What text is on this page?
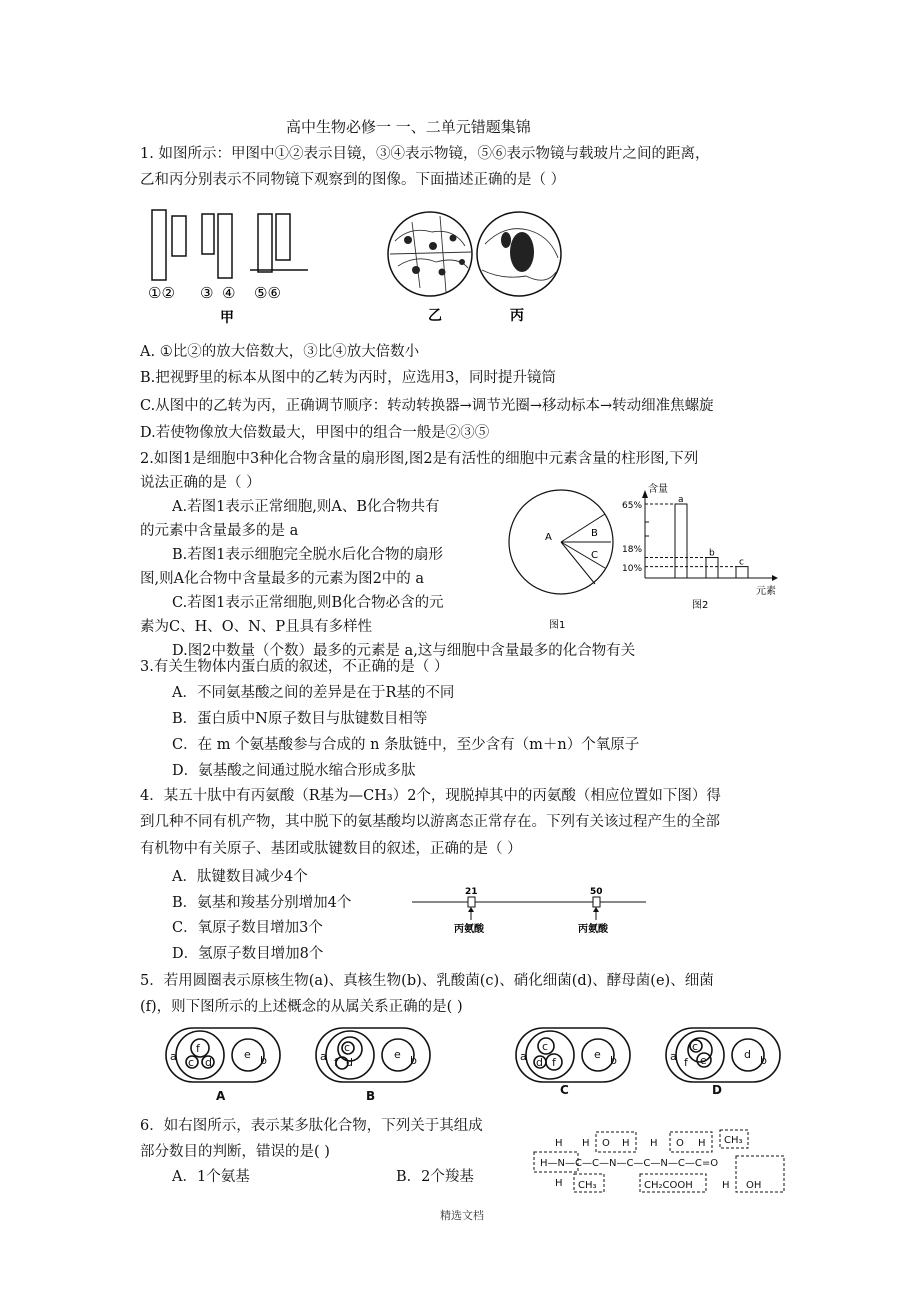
高中生物必修一 一、二单元错题集锦
1. 如图所示：甲图中①②表示目镜，③④表示物镜，⑤⑥表示物镜与载玻片之间的距离，
乙和丙分别表示不同物镜下观察到的图像。下面描述正确的是（ ）
①② ③ ④ ⑤⑥
甲	乙	丙
A. ①比②的放大倍数大，③比④放大倍数小
B.把视野里的标本从图中的乙转为丙时，应选用3，同时提升镜筒
C.从图中的乙转为丙，正确调节顺序：转动转换器→调节光圈→移动标本→转动细准焦螺旋
D.若使物像放大倍数最大，甲图中的组合一般是②③⑤
2.如图1是细胞中3种化合物含量的扇形图,图2是有活性的细胞中元素含量的柱形图,下列
说法正确的是（ ）
A.若图1表示正常细胞,则A、B化合物共有
的元素中含量最多的是 a
B.若图1表示细胞完全脱水后化合物的扇形
图,则A化合物中含量最多的元素为图2中的 a
C.若图1表示正常细胞,则B化合物必含的元
素为C、H、O、N、P且具有多样性
D.图2中数量（个数）最多的元素是 a,这与细胞中含量最多的化合物有关
A	B
C
图1
含量
元素
图2
65%
18%
10%
a
b
c
3.有关生物体内蛋白质的叙述，不正确的是（ ）
A．不同氨基酸之间的差异是在于R基的不同
B．蛋白质中N原子数目与肽键数目相等
C．在 m 个氨基酸参与合成的 n 条肽链中，至少含有（m＋n）个氧原子
D．氨基酸之间通过脱水缩合形成多肽
4．某五十肽中有丙氨酸（R基为—CH₃）2个，现脱掉其中的丙氨酸（相应位置如下图）得
到几种不同有机产物，其中脱下的氨基酸均以游离态正常存在。下列有关该过程产生的全部
有机物中有关原子、基团或肽键数目的叙述，正确的是（ ）
A．肽键数目减少4个
B．氨基和羧基分别增加4个
C．氧原子数目增加3个
D．氢原子数目增加8个
21	50
丙氨酸	丙氨酸
5．若用圆圈表示原核生物(a)、真核生物(b)、乳酸菌(c)、硝化细菌(d)、酵母菌(e)、细菌
(f)，则下图所示的上述概念的从属关系正确的是( )
a
f
c d
e b	a
c
f d
e b	a
c
d f
e b	a
c
f e	d b
A	B	C	D
6．如右图所示，表示某多肽化合物，下列关于其组成
部分数目的判断，错误的是( )
A．1个氨基	B．2个羧基
H—N—C—C—N—C—C—N—C—C=O
H H O H H O H CH₃
H CH₃	CH₂COOH	H OH
精选文档
